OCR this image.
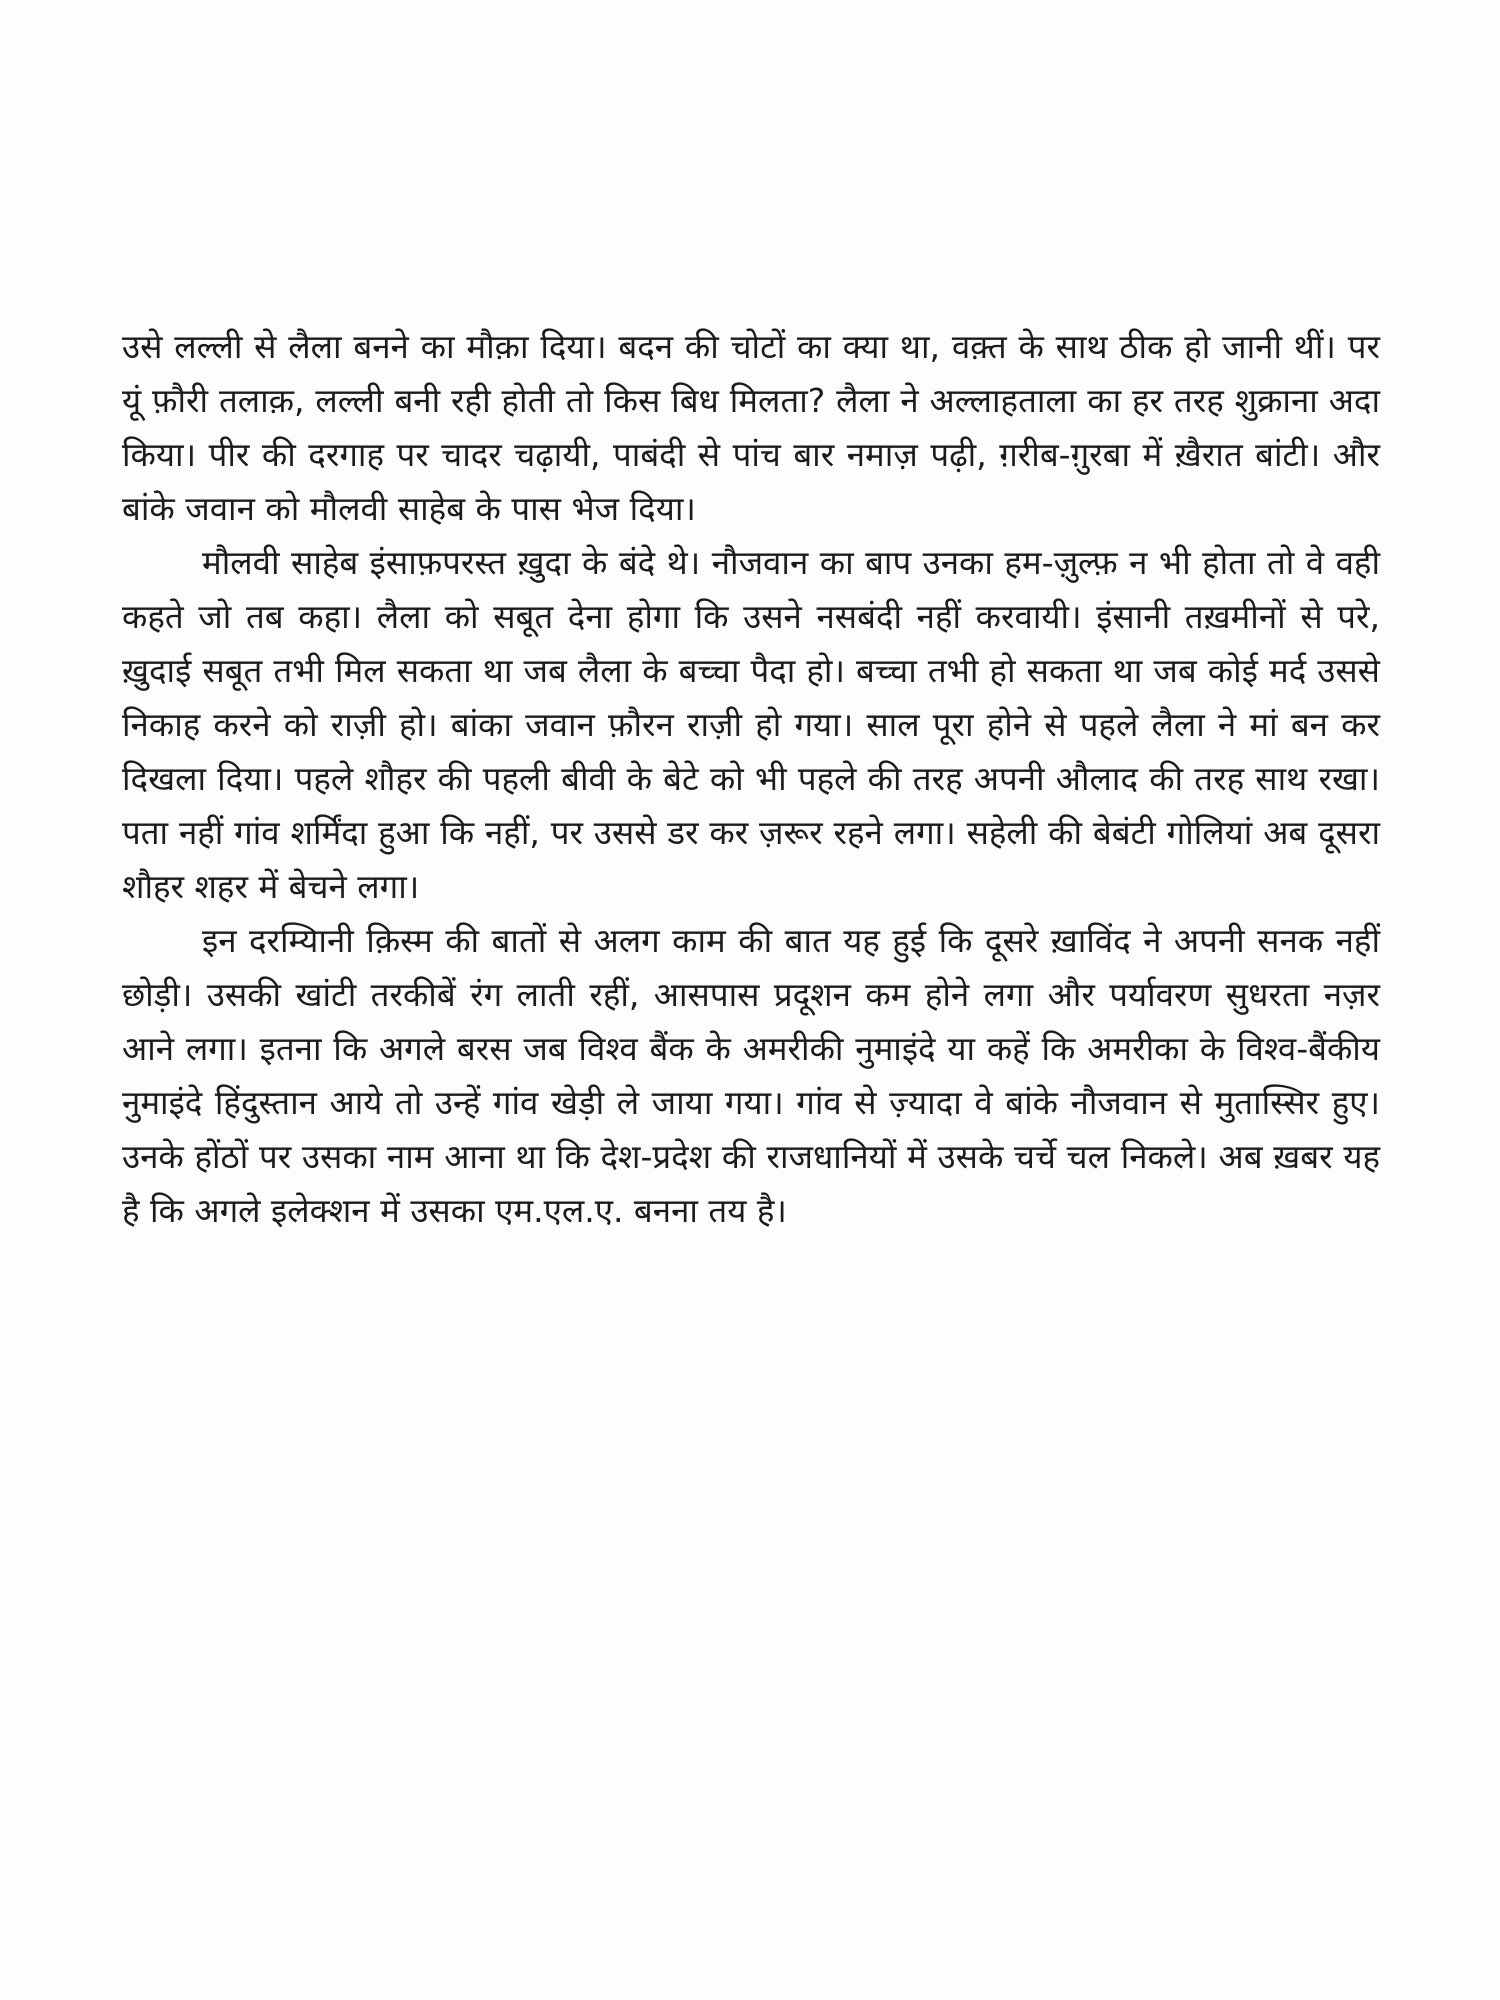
उसे लल्ली से लैला बनने का मौक़ा दिया। बदन की चोटों का क्या था, वक़्त के साथ ठीक हो जानी थीं। पर यूं फ़ौरी तलाक़, लल्ली बनी रही होती तो किस बिध मिलता? लैला ने अल्लाहताला का हर तरह शुक्राना अदा किया। पीर की दरगाह पर चादर चढ़ायी, पाबंदी से पांच बार नमाज़ पढ़ी, ग़रीब-ग़ुरबा में ख़ैरात बांटी। और बांके जवान को मौलवी साहेब के पास भेज दिया।

मौलवी साहेब इंसाफ़परस्त ख़ुदा के बंदे थे। नौजवान का बाप उनका हम-ज़ुल्फ़ न भी होता तो वे वही कहते जो तब कहा। लैला को सबूत देना होगा कि उसने नसबंदी नहीं करवायी। इंसानी तख़मीनों से परे, ख़ुदाई सबूत तभी मिल सकता था जब लैला के बच्चा पैदा हो। बच्चा तभी हो सकता था जब कोई मर्द उससे निकाह करने को राज़ी हो। बांका जवान फ़ौरन राज़ी हो गया। साल पूरा होने से पहले लैला ने मां बन कर दिखला दिया। पहले शौहर की पहली बीवी के बेटे को भी पहले की तरह अपनी औलाद की तरह साथ रखा। पता नहीं गांव शर्मिंदा हुआ कि नहीं, पर उससे डर कर ज़रूर रहने लगा। सहेली की बेबंटी गोलियां अब दूसरा शौहर शहर में बेचने लगा।

इन दरम्यिानी क़िस्म की बातों से अलग काम की बात यह हुई कि दूसरे ख़ाविंद ने अपनी सनक नहीं छोड़ी। उसकी खांटी तरकीबें रंग लाती रहीं, आसपास प्रदूशन कम होने लगा और पर्यावरण सुधरता नज़र आने लगा। इतना कि अगले बरस जब विश्व बैंक के अमरीकी नुमाइंदे या कहें कि अमरीका के विश्व-बैंकीय नुमाइंदे हिंदुस्तान आये तो उन्हें गांव खेड़ी ले जाया गया। गांव से ज़्यादा वे बांके नौजवान से मुतास्सिर हुए। उनके होंठों पर उसका नाम आना था कि देश-प्रदेश की राजधानियों में उसके चर्चे चल निकले। अब ख़बर यह है कि अगले इलेक्शन में उसका एम.एल.ए. बनना तय है।
